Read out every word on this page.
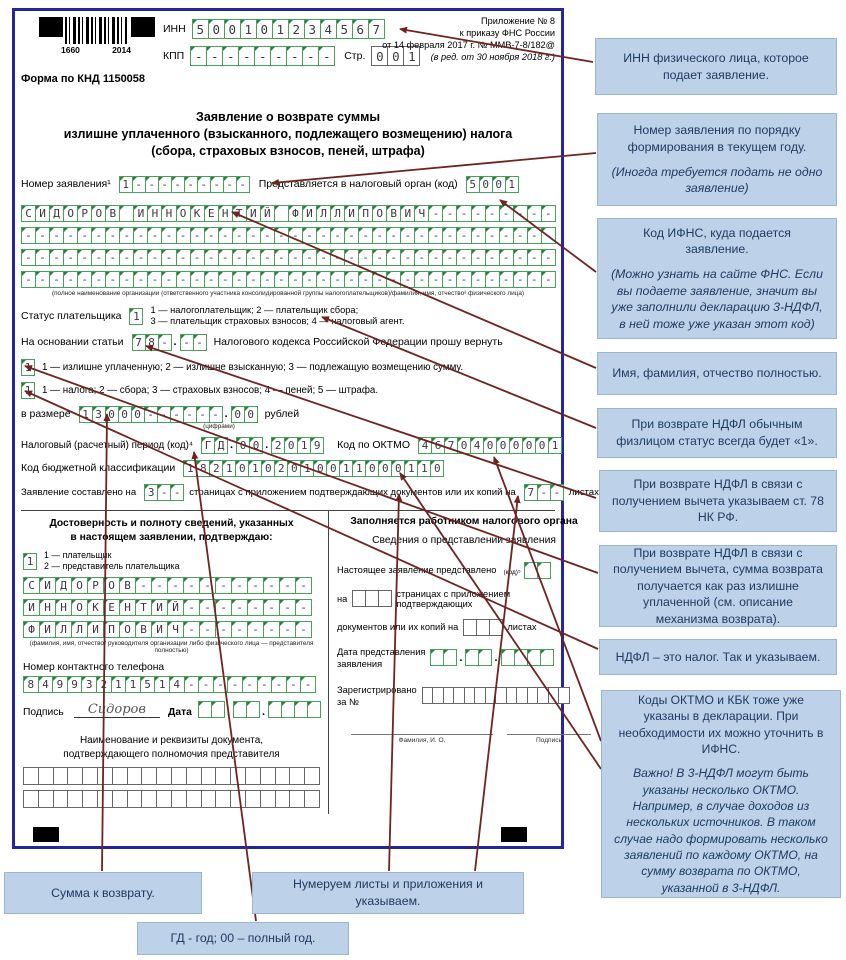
1660	2014
Форма по КНД 1150058
ИНН 5 0 0 1 0 1 2 3 4 5 6 7
КПП - - - - - - - - -	Стр. 0 0 1
Приложение № 8
к приказу ФНС России
от 14 февраля 2017 г. № ММВ-7-8/182@
(в ред. от 30 ноября 2018 г.)
Заявление о возврате суммы
излишне уплаченного (взысканного, подлежащего возмещению) налога
(сбора, страховых взносов, пеней, штрафа)
Номер заявления¹	1 - - - - - - - - -	Представляется в налоговый орган (код)	5 0 0 1
С И Д О Р О В	И Н Н О К Е Н Т И Й	Ф И Л Л И П О В И Ч - - - - - - - - -
- - - - - - - - - - - - - - - - - - - - - - - - - - - - - - - - - - - - - -
- - - - - - - - - - - - - - - - - - - - - - - - - - - - - - - - - - - - - -
- - - - - - - - - - - - - - - - - - - - - - - - - - - - - - - - - - - - - -
(полное наименование организации (ответственного участника консолидированной группы налогоплательщиков)/фамилия, имя, отчество² физического лица)
Статус плательщика	1
1 — налогоплательщик; 2 — плательщик сбора;
3 — плательщик страховых взносов; 4 — налоговый агент.
На основании статьи	7 8 - . - -	Налогового кодекса Российской Федерации прошу вернуть
1	1 — излишне уплаченную; 2 — излишне взысканную; 3 — подлежащую возмещению сумму.
1	1 — налога; 2 — сбора; 3 — страховых взносов; 4 — пеней; 5 — штрафа.
в размере	1 3 0 0 0 - - - - - - . 0 0	рублей
(цифрами)
Налоговый (расчетный) период (код)⁴	Г Д . 0 0 . 2 0 1 9	Код по ОКТМО	4 6 7 0 4 0 0 0 0 0 1
Код бюджетной классификации	1 8 2 1 0 1 0 2 0 1 0 0 1 1 0 0 0 1 1 0
Заявление составлено на	3 - - страницах с приложением подтверждающих документов или их копий на	7 - - листах
Достоверность и полноту сведений, указанных
в настоящем заявлении, подтверждаю:
1	1 — плательщик
2 — представитель плательщика
С И Д О Р О В - - - - - - - - - - -
И Н Н О К Е Н Т И Й - - - - - - - -
Ф И Л Л И П О В И Ч - - - - - - - -
(фамилия, имя, отчество² руководителя организации либо физического лица — представителя полностью)
Номер контактного телефона
8 4 9 9 3 2 1 1 5 1 4 - - - - - - - - -
Подпись	Сидоров	Дата	.	.
Наименование и реквизиты документа,
подтверждающего полномочия представителя
Заполняется работником налогового органа
Сведения о представлении заявления
Настоящее заявление представлено (код)⁵
на	страницах с приложением подтверждающих
документов или их копий на	листах
Дата представления
заявления	.	.
Зарегистрировано
за №
Фамилия, И. О.	Подпись

ИНН физического лица, которое подает заявление.

Номер заявления по порядку формирования в текущем году.

(Иногда требуется подать не одно заявление)

Код ИФНС, куда подается заявление.

(Можно узнать на сайте ФНС. Если вы подаете заявление, значит вы уже заполнили декларацию 3-НДФЛ, в ней тоже уже указан этот код)

Имя, фамилия, отчество полностью.

При возврате НДФЛ обычным физлицом статус всегда будет «1».

При возврате НДФЛ в связи с получением вычета указываем ст. 78 НК РФ.

При возврате НДФЛ в связи с получением вычета, сумма возврата получается как раз излишне уплаченной (см. описание механизма возврата).

НДФЛ – это налог. Так и указываем.

Коды ОКТМО и КБК тоже уже указаны в декларации. При необходимости их можно уточнить в ИФНС.

Важно! В 3-НДФЛ могут быть указаны несколько ОКТМО. Например, в случае доходов из нескольких источников. В таком случае надо формировать несколько заявлений по каждому ОКТМО, на сумму возврата по ОКТМО, указанной в 3-НДФЛ.

Сумма к возврату.

Нумеруем листы и приложения и указываем.

ГД - год; 00 – полный год.
